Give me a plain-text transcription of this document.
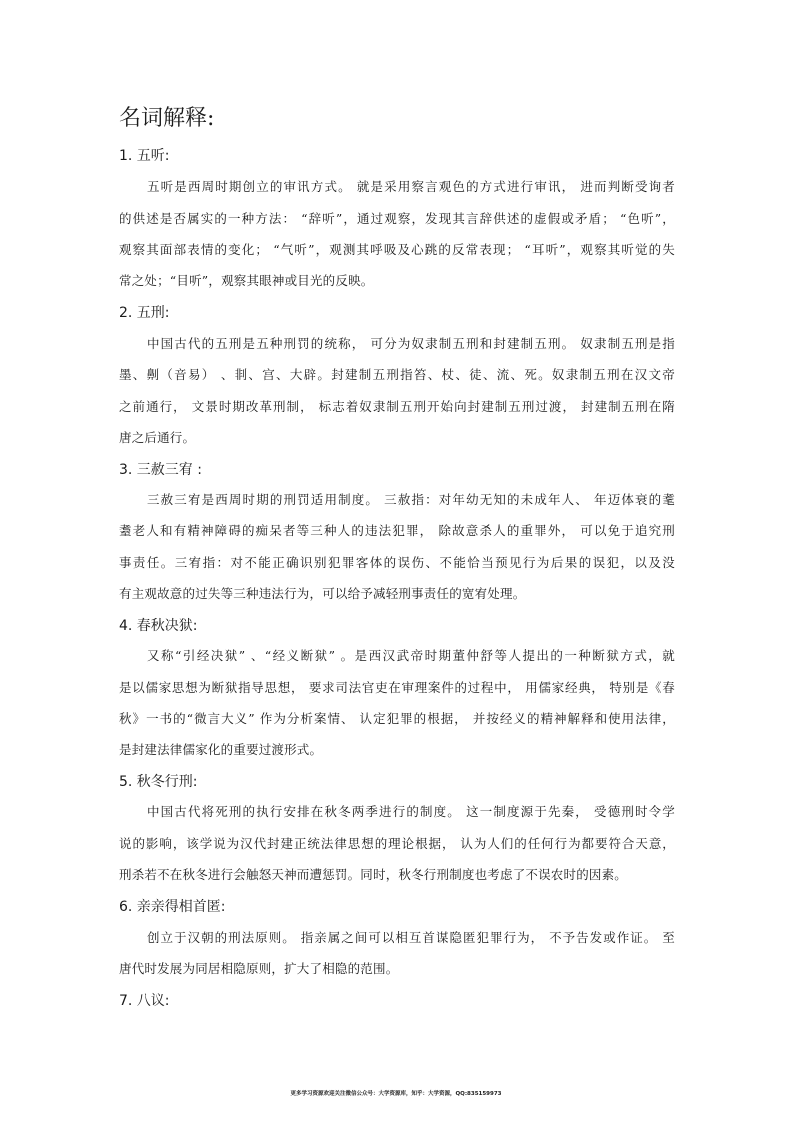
名词解释:
1. 五听:
五听是西周时期创立的审讯方式。 就是采用察言观色的方式进行审讯， 进而判断受询者
的供述是否属实的一种方法： “辞听”，通过观察，发现其言辞供述的虚假或矛盾； “色听”，
观察其面部表情的变化； “气听”，观测其呼吸及心跳的反常表现； “耳听”，观察其听觉的失
常之处；“目听”，观察其眼神或目光的反映。
2. 五刑:
中国古代的五刑是五种刑罚的统称， 可分为奴隶制五刑和封建制五刑。 奴隶制五刑是指
墨、劓（音易） 、剕、宫、大辟。封建制五刑指笞、杖、徒、流、死。奴隶制五刑在汉文帝
之前通行， 文景时期改革刑制， 标志着奴隶制五刑开始向封建制五刑过渡， 封建制五刑在隋
唐之后通行。
3. 三赦三宥 :
三赦三宥是西周时期的刑罚适用制度。 三赦指：对年幼无知的未成年人、 年迈体衰的耄
耋老人和有精神障碍的痴呆者等三种人的违法犯罪， 除故意杀人的重罪外， 可以免于追究刑
事责任。三宥指：对不能正确识别犯罪客体的误伤、不能恰当预见行为后果的误犯，以及没
有主观故意的过失等三种违法行为，可以给予减轻刑事责任的宽宥处理。
4. 春秋决狱:
又称“引经决狱” 、“经义断狱” 。是西汉武帝时期董仲舒等人提出的一种断狱方式，就
是以儒家思想为断狱指导思想， 要求司法官吏在审理案件的过程中， 用儒家经典， 特别是《春
秋》一书的“微言大义” 作为分析案情、 认定犯罪的根据， 并按经义的精神解释和使用法律，
是封建法律儒家化的重要过渡形式。
5. 秋冬行刑:
中国古代将死刑的执行安排在秋冬两季进行的制度。 这一制度源于先秦， 受德刑时令学
说的影响，该学说为汉代封建正统法律思想的理论根据， 认为人们的任何行为都要符合天意，
刑杀若不在秋冬进行会触怒天神而遭惩罚。同时，秋冬行刑制度也考虑了不误农时的因素。
6. 亲亲得相首匿:
创立于汉朝的刑法原则。 指亲属之间可以相互首谋隐匿犯罪行为， 不予告发或作证。 至
唐代时发展为同居相隐原则，扩大了相隐的范围。
7. 八议:
更多学习资源欢迎关注微信公众号：大学资源库，知乎：大学资源，QQ:835159973
